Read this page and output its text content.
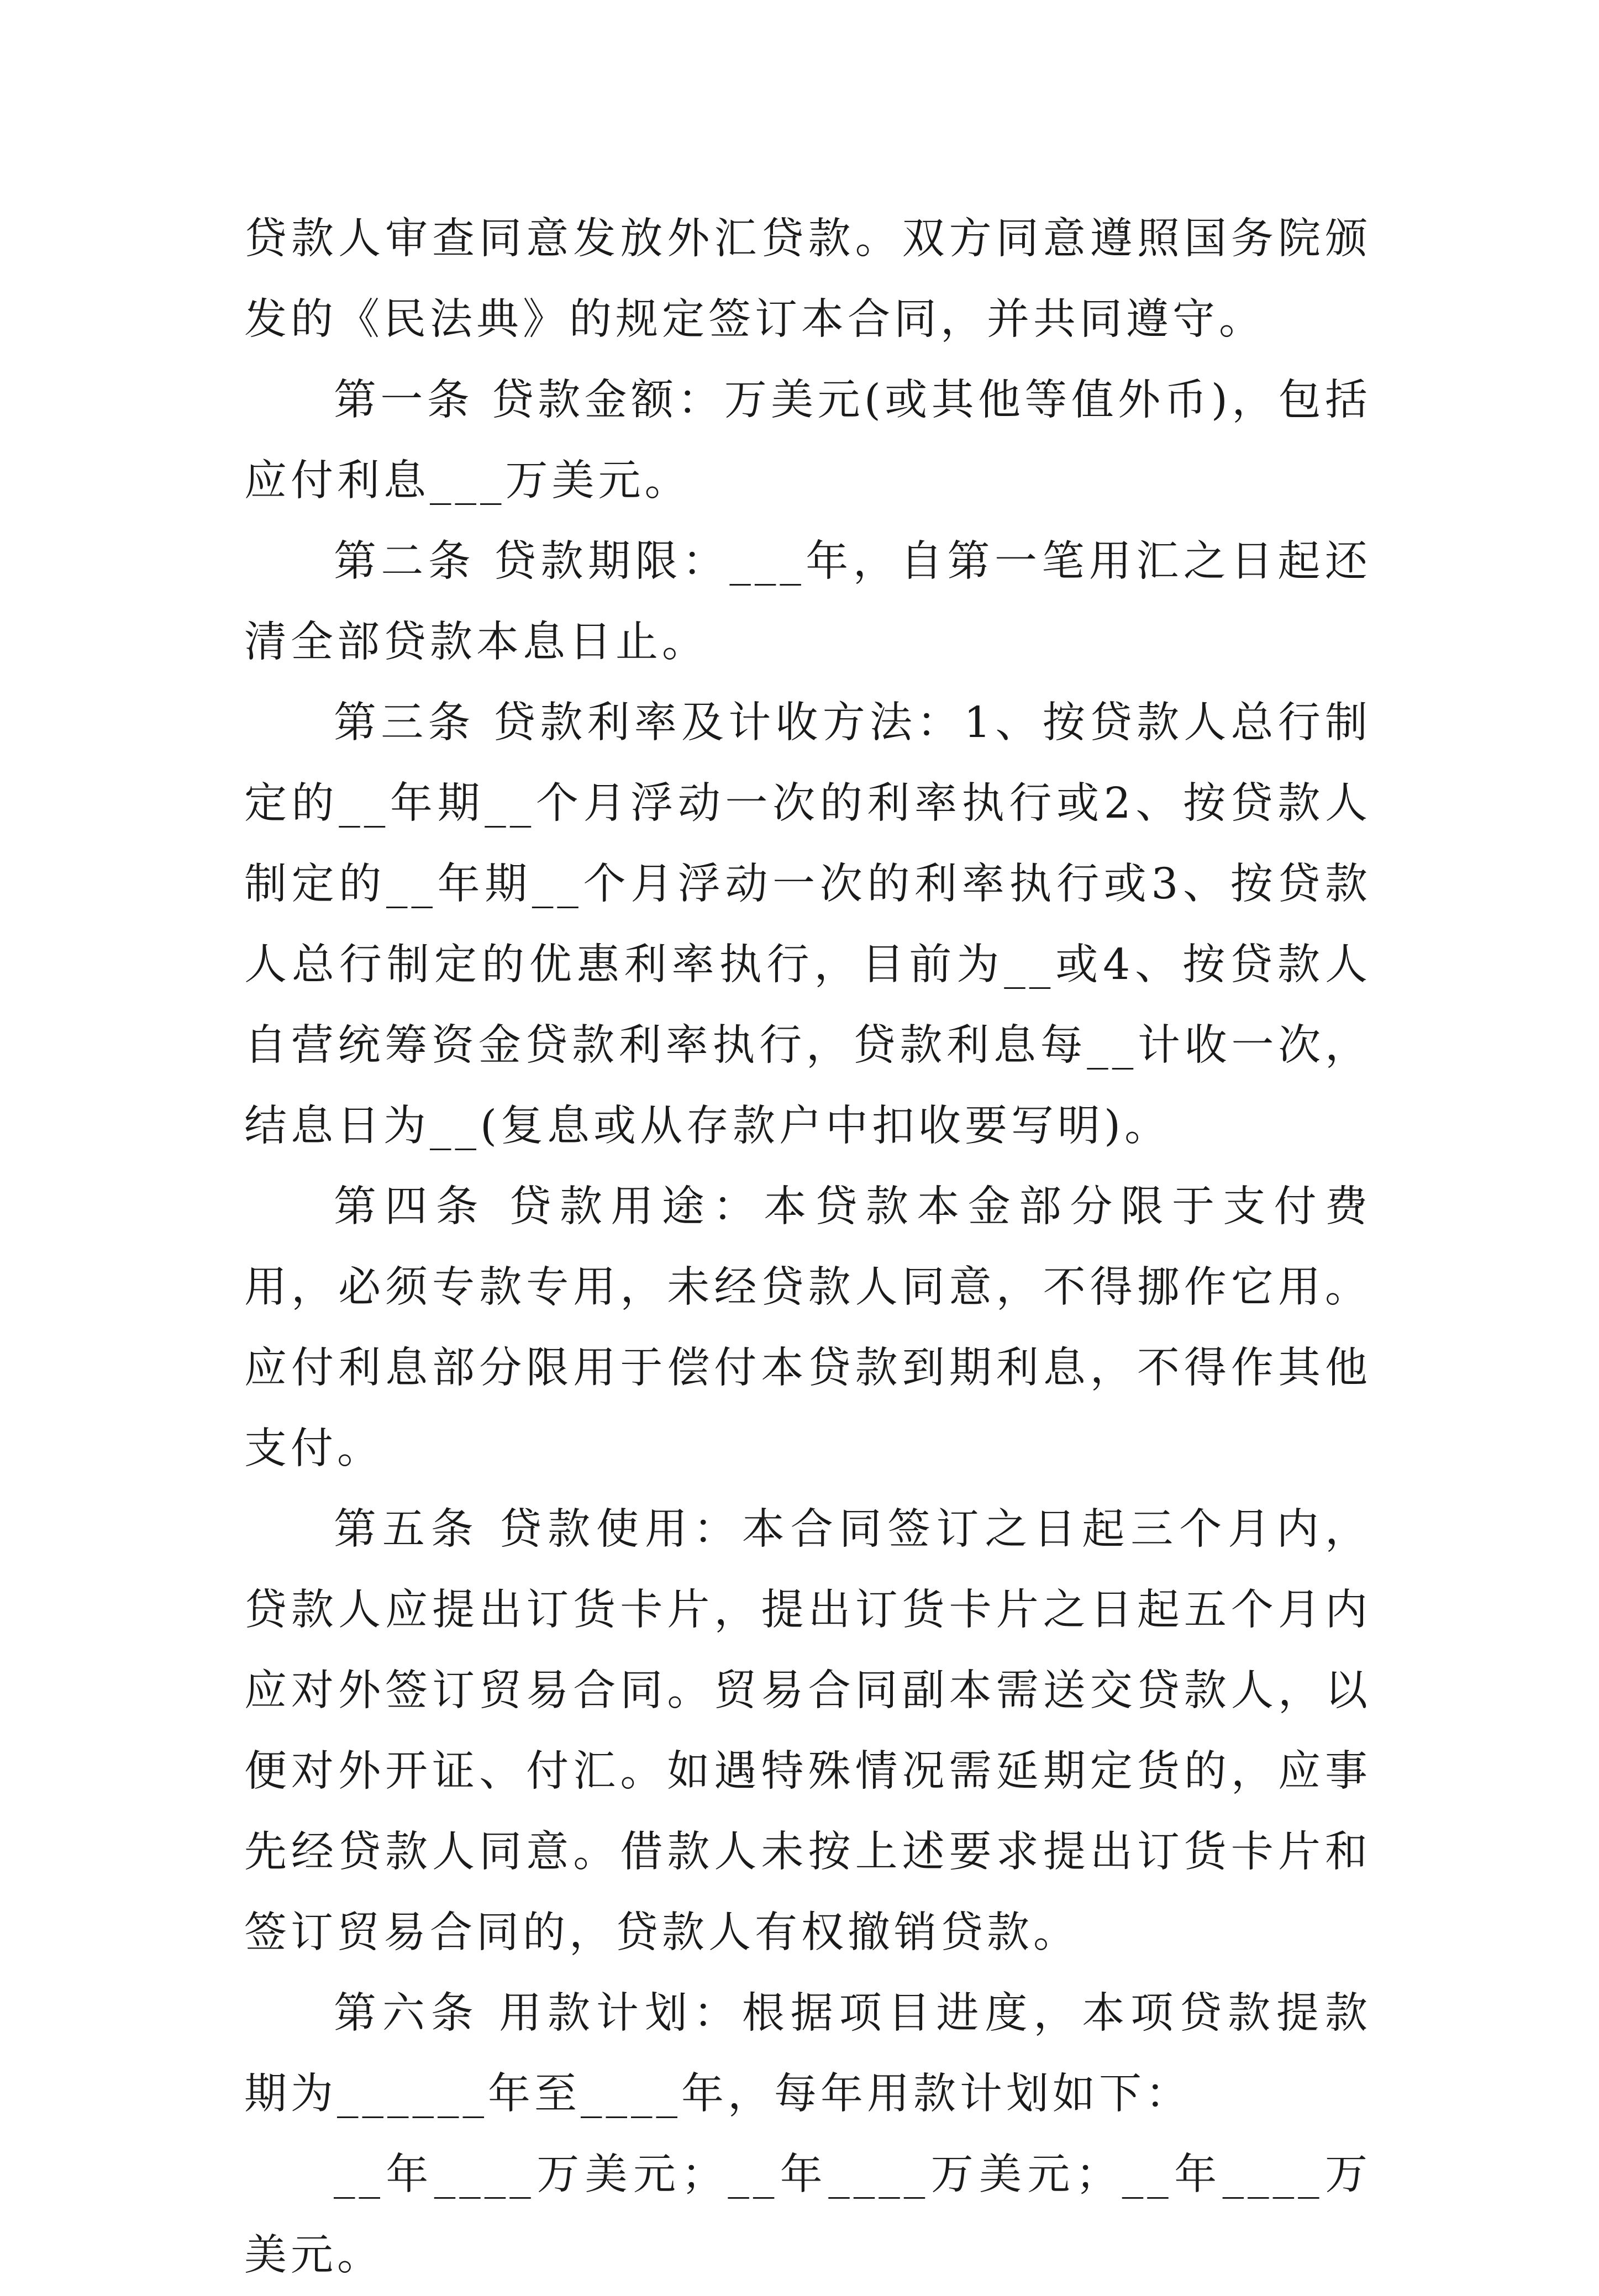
贷款人审查同意发放外汇贷款。双方同意遵照国务院颁发的《民法典》的规定签订本合同，并共同遵守。

第一条 贷款金额：万美元(或其他等值外币)，包括应付利息___万美元。

第二条 贷款期限：___年，自第一笔用汇之日起还清全部贷款本息日止。

第三条 贷款利率及计收方法：1、按贷款人总行制定的__年期__个月浮动一次的利率执行或2、按贷款人制定的__年期__个月浮动一次的利率执行或3、按贷款人总行制定的优惠利率执行，目前为__或4、按贷款人自营统筹资金贷款利率执行，贷款利息每__计收一次，结息日为__(复息或从存款户中扣收要写明)。

第四条 贷款用途：本贷款本金部分限于支付费用，必须专款专用，未经贷款人同意，不得挪作它用。应付利息部分限用于偿付本贷款到期利息，不得作其他支付。

第五条 贷款使用：本合同签订之日起三个月内，贷款人应提出订货卡片，提出订货卡片之日起五个月内应对外签订贸易合同。贸易合同副本需送交贷款人，以便对外开证、付汇。如遇特殊情况需延期定货的，应事先经贷款人同意。借款人未按上述要求提出订货卡片和签订贸易合同的，贷款人有权撤销贷款。

第六条 用款计划：根据项目进度，本项贷款提款期为______年至____年，每年用款计划如下：

__年____万美元；__年____万美元；__年____万美元。
